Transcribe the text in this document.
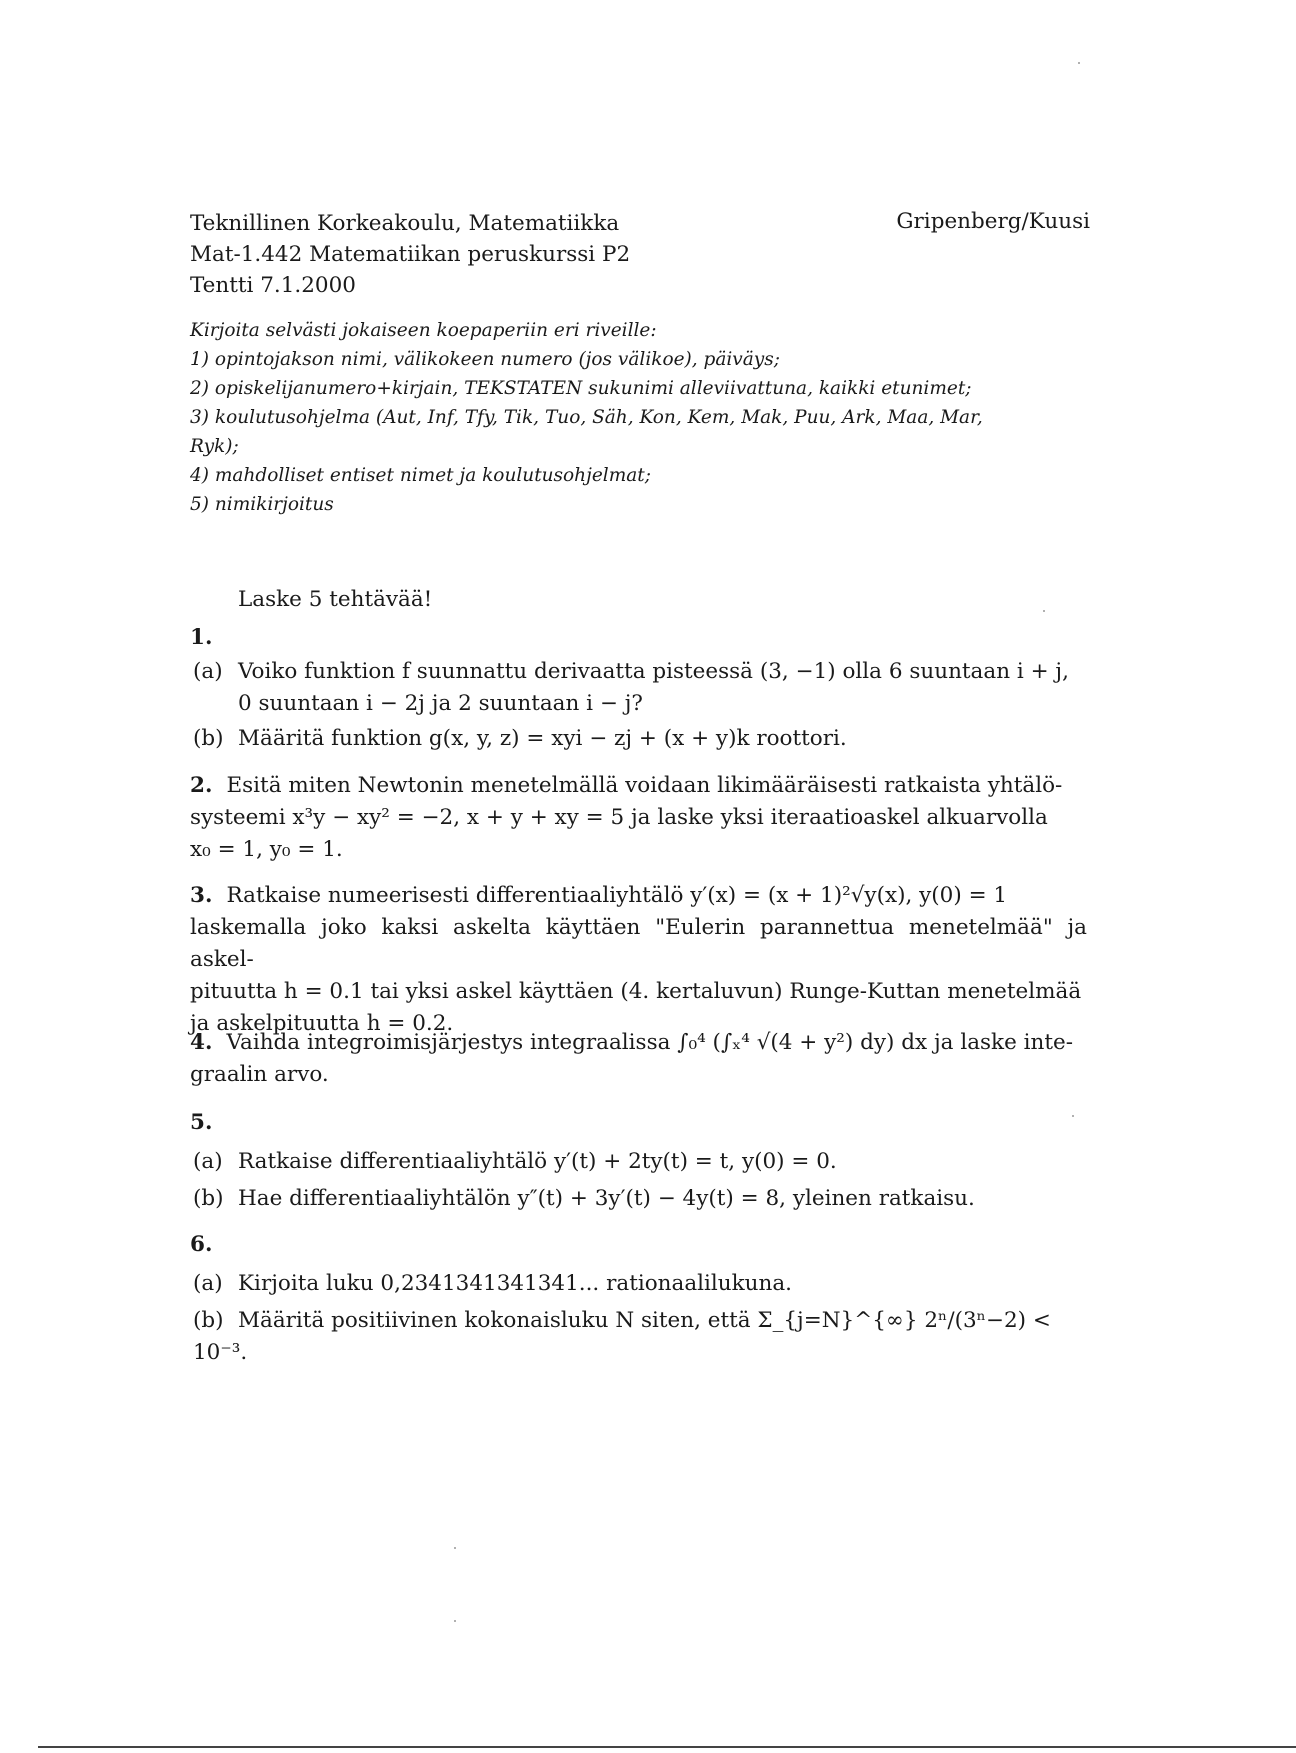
Teknillinen Korkeakoulu, Matematiikka
Mat-1.442 Matematiikan peruskurssi P2
Tentti 7.1.2000
Gripenberg/Kuusi
Kirjoita selvästi jokaiseen koepaperiin eri riveille:
1) opintojakson nimi, välikokeen numero (jos välikoe), päiväys;
2) opiskelijanumero+kirjain, TEKSTATEN sukunimi alleviivattuna, kaikki etunimet;
3) koulutusohjelma (Aut, Inf, Tfy, Tik, Tuo, Säh, Kon, Kem, Mak, Puu, Ark, Maa, Mar,
Ryk);
4) mahdolliset entiset nimet ja koulutusohjelmat;
5) nimikirjoitus
Laske 5 tehtävää!
1.
(a) Voiko funktion f suunnattu derivaatta pisteessä (3, −1) olla 6 suuntaan i + j,
0 suuntaan i − 2j ja 2 suuntaan i − j?
(b) Määritä funktion g(x, y, z) = xyi − zj + (x + y)k roottori.
2. Esitä miten Newtonin menetelmällä voidaan likimääräisesti ratkaista yhtälö-
systeemi x³y − xy² = −2, x + y + xy = 5 ja laske yksi iteraatioaskel alkuarvolla
x₀ = 1, y₀ = 1.
3. Ratkaise numeerisesti differentiaaliyhtälö y′(x) = (x + 1)²√y(x), y(0) = 1
laskemalla joko kaksi askelta käyttäen "Eulerin parannettua menetelmää" ja askel-
pituutta h = 0.1 tai yksi askel käyttäen (4. kertaluvun) Runge-Kuttan menetelmää
ja askelpituutta h = 0.2.
4. Vaihda integroimisjärjestys integraalissa ∫₀⁴ (∫ₓ⁴ √(4 + y²) dy) dx ja laske inte-
graalin arvo.
5.
(a) Ratkaise differentiaaliyhtälö y′(t) + 2ty(t) = t, y(0) = 0.
(b) Hae differentiaaliyhtälön y″(t) + 3y′(t) − 4y(t) = 8, yleinen ratkaisu.
6.
(a) Kirjoita luku 0,2341341341341... rationaalilukuna.
(b) Määritä positiivinen kokonaisluku N siten, että Σ_{j=N}^{∞} 2ⁿ/(3ⁿ−2) < 10⁻³.
